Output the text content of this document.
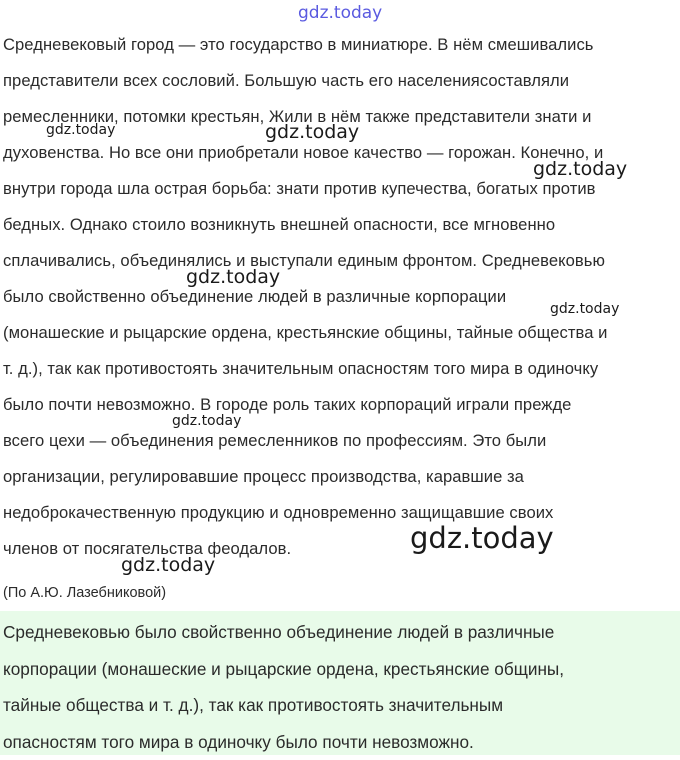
Средневековый город — это государство в миниатюре. В нём смешивались
представители всех сословий. Большую часть его населениясоставляли
ремесленники, потомки крестьян, Жили в нём также представители знати и
духовенства. Но все они приобретали новое качество — горожан. Конечно, и
внутри города шла острая борьба: знати против купечества, богатых против
бедных. Однако стоило возникнуть внешней опасности, все мгновенно
сплачивались, объединялись и выступали единым фронтом. Средневековью
было свойственно объединение людей в различные корпорации
(монашеские и рыцарские ордена, крестьянские общины, тайные общества и
т. д.), так как противостоять значительным опасностям того мира в одиночку
было почти невозможно. В городе роль таких корпораций играли прежде
всего цехи — объединения ремесленников по профессиям. Это были
организации, регулировавшие процесс производства, каравшие за
недоброкачественную продукцию и одновременно защищавшие своих
членов от посягательства феодалов.
(По А.Ю. Лазебниковой)
Средневековью было свойственно объединение людей в различные
корпорации (монашеские и рыцарские ордена, крестьянские общины,
тайные общества и т. д.), так как противостоять значительным
опасностям того мира в одиночку было почти невозможно.
gdz.today
gdz.today	gdz.today
gdz.today
gdz.today
gdz.today
gdz.today
gdz.today
gdz.today
